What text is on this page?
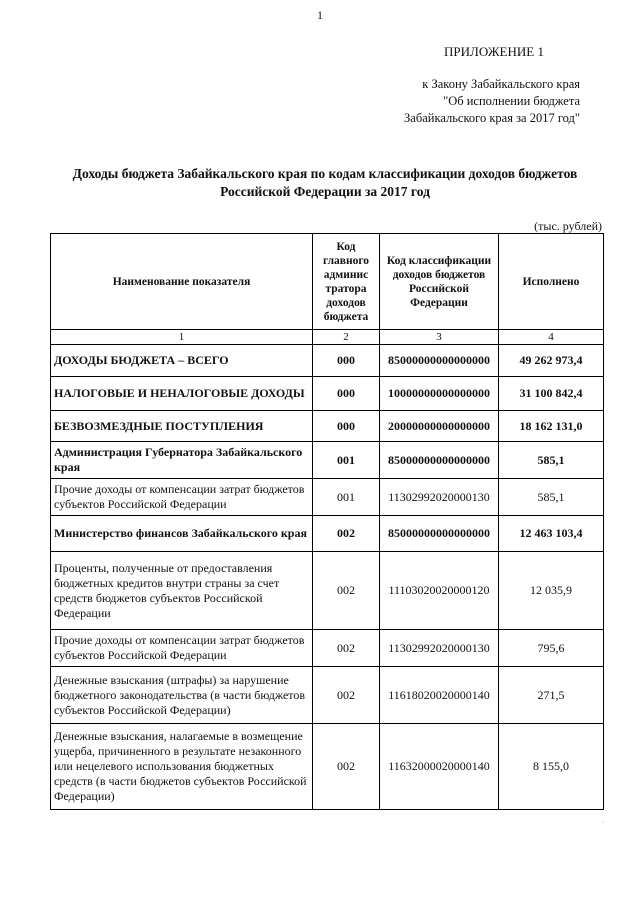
1
ПРИЛОЖЕНИЕ 1
к Закону Забайкальского края
"Об исполнении бюджета
Забайкальского края за 2017 год"
Доходы бюджета Забайкальского края по кодам классификации доходов бюджетов
Российской Федерации за 2017 год
(тыс. рублей)
Наименование показателя	Код главного админис тратора доходов бюджета	Код классификации доходов бюджетов Российской Федерации	Исполнено
1	2	3	4
ДОХОДЫ БЮДЖЕТА – ВСЕГО	000	85000000000000000	49 262 973,4
НАЛОГОВЫЕ И НЕНАЛОГОВЫЕ ДОХОДЫ	000	10000000000000000	31 100 842,4
БЕЗВОЗМЕЗДНЫЕ ПОСТУПЛЕНИЯ	000	20000000000000000	18 162 131,0
Администрация Губернатора Забайкальского края	001	85000000000000000	585,1
Прочие доходы от компенсации затрат бюджетов субъектов Российской Федерации	001	11302992020000130	585,1
Министерство финансов Забайкальского края	002	85000000000000000	12 463 103,4
Проценты, полученные от предоставления бюджетных кредитов внутри страны за счет средств бюджетов субъектов Российской Федерации	002	11103020020000120	12 035,9
Прочие доходы от компенсации затрат бюджетов субъектов Российской Федерации	002	11302992020000130	795,6
Денежные взыскания (штрафы) за нарушение бюджетного законодательства (в части бюджетов субъектов Российской Федерации)	002	11618020020000140	271,5
Денежные взыскания, налагаемые в возмещение ущерба, причиненного в результате незаконного или нецелевого использования бюджетных средств (в части бюджетов субъектов Российской Федерации)	002	11632000020000140	8 155,0
·
